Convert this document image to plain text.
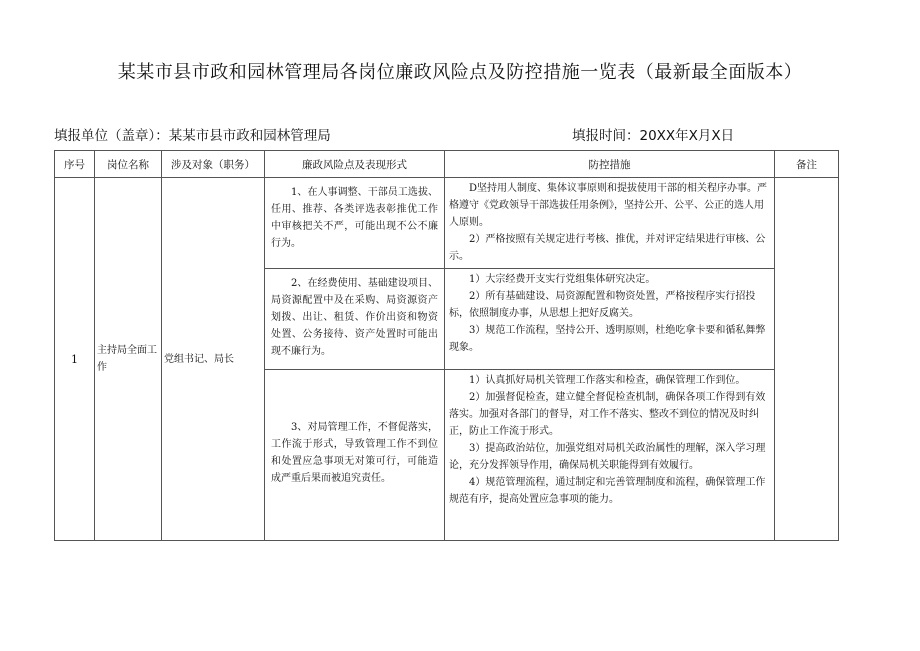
某某市县市政和园林管理局各岗位廉政风险点及防控措施一览表（最新最全面版本）
填报单位（盖章）：某某市县市政和园林管理局	填报时间：20XX年X月X日
序号	岗位名称	涉及对象（职务）	廉政风险点及表现形式	防控措施	备注
1	主持局全面工作	党组书记、局长	1、在人事调整、干部员工选拔、任用、推荐、各类评选表彰推优工作中审核把关不严，可能出现不公不廉行为。	D坚持用人制度、集体议事原则和提拔使用干部的相关程序办事。严格遵守《党政领导干部选拔任用条例》，坚持公开、公平、公正的选人用人原则。

2）严格按照有关规定进行考核、推优，并对评定结果进行审核、公示。	

			2、在经费使用、基础建设项目、局资源配置中及在采购、局资源资产划拨、出让、租赁、作价出资和物资处置、公务接待、资产处置时可能出现不廉行为。	1）大宗经费开支实行党组集体研究决定。

2）所有基础建设、局资源配置和物资处置，严格按程序实行招投标，依照制度办事，从思想上把好反腐关。

3）规范工作流程，坚持公开、透明原则，杜绝吃拿卡要和循私舞弊现象。	

			3、对局管理工作，不督促落实，工作流于形式，导致管理工作不到位和处置应急事项无对策可行，可能造成严重后果而被追究责任。	1）认真抓好局机关管理工作落实和检查，确保管理工作到位。

2）加强督促检查，建立健全督促检查机制，确保各项工作得到有效落实。加强对各部门的督导，对工作不落实、整改不到位的情况及时纠正，防止工作流于形式。

3）提高政治站位，加强党组对局机关政治属性的理解，深入学习理论，充分发挥领导作用，确保局机关职能得到有效履行。

4）规范管理流程，通过制定和完善管理制度和流程，确保管理工作规范有序，提高处置应急事项的能力。	
